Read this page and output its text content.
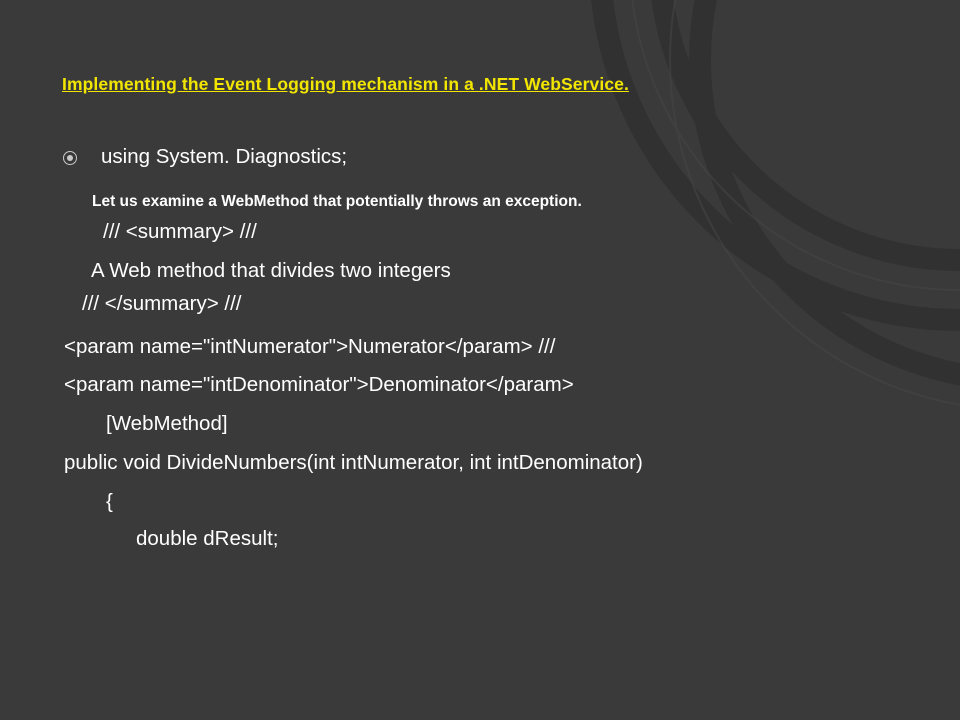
Implementing the Event Logging mechanism in a .NET WebService.
using System. Diagnostics;
Let us examine a WebMethod that potentially throws an exception.
/// <summary> ///
A Web method that divides two integers
/// </summary> ///
<param name="intNumerator">Numerator</param> ///
<param name="intDenominator">Denominator</param>
[WebMethod]
public void DivideNumbers(int intNumerator, int intDenominator)
{
double dResult;
